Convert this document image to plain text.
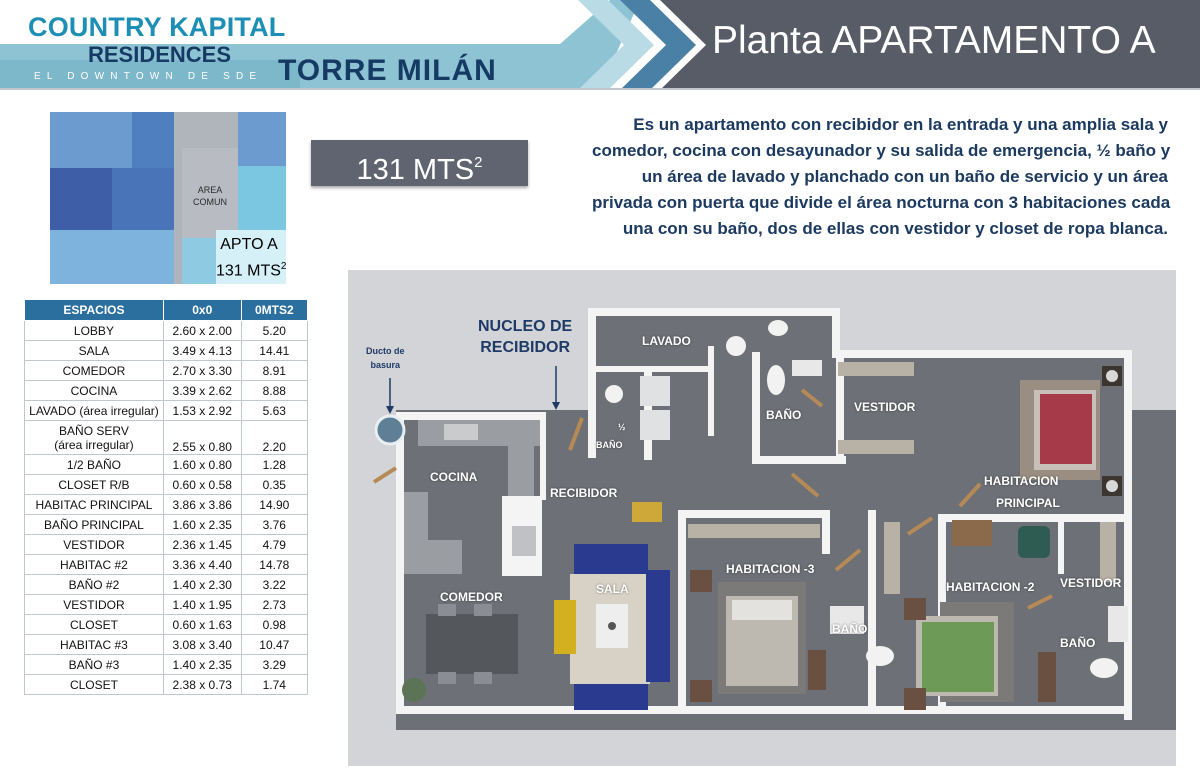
COUNTRY KAPITAL
RESIDENCES
EL DOWNTOWN DE SDE TORRE MILÁN
Planta APARTAMENTO A
AREA
COMUN
APTO A
131 MTS$^2$
131 MTS$^2$
Es un apartamento con recibidor en la entrada y una amplia sala y
comedor, cocina con desayunador y su salida de emergencia, ½ baño y
un área de lavado y planchado con un baño de servicio y un área
privada con puerta que divide el área nocturna con 3 habitaciones cada
una con su baño, dos de ellas con vestidor y closet de ropa blanca.
ESPACIOS	0x0	0MTS2
LOBBY	2.60 x 2.00	5.20
SALA	3.49 x 4.13	14.41
COMEDOR	2.70 x 3.30	8.91
COCINA	3.39 x 2.62	8.88
LAVADO (área irregular)	1.53 x 2.92	5.63

BAÑO SERV
(área irregular)	2.55 x 0.80	2.20
1/2 BAÑO	1.60 x 0.80	1.28
CLOSET R/B	0.60 x 0.58	0.35
HABITAC PRINCIPAL	3.86 x 3.86	14.90
BAÑO PRINCIPAL	1.60 x 2.35	3.76
VESTIDOR	2.36 x 1.45	4.79
HABITAC #2	3.36 x 4.40	14.78
BAÑO #2	1.40 x 2.30	3.22
VESTIDOR	1.40 x 1.95	2.73
CLOSET	0.60 x 1.63	0.98
HABITAC #3	3.08 x 3.40	10.47
BAÑO #3	1.40 x 2.35	3.29
CLOSET	2.38 x 0.73	1.74
LAVADO
BAÑO
½
BAÑO
VESTIDOR
HABITACION
PRINCIPAL
COCINA
RECIBIDOR
SALA
COMEDOR
HABITACION -3
BAÑO
HABITACION -2 VESTIDOR
BAÑO
NUCLEO DE
RECIBIDOR
Ducto de
basura
